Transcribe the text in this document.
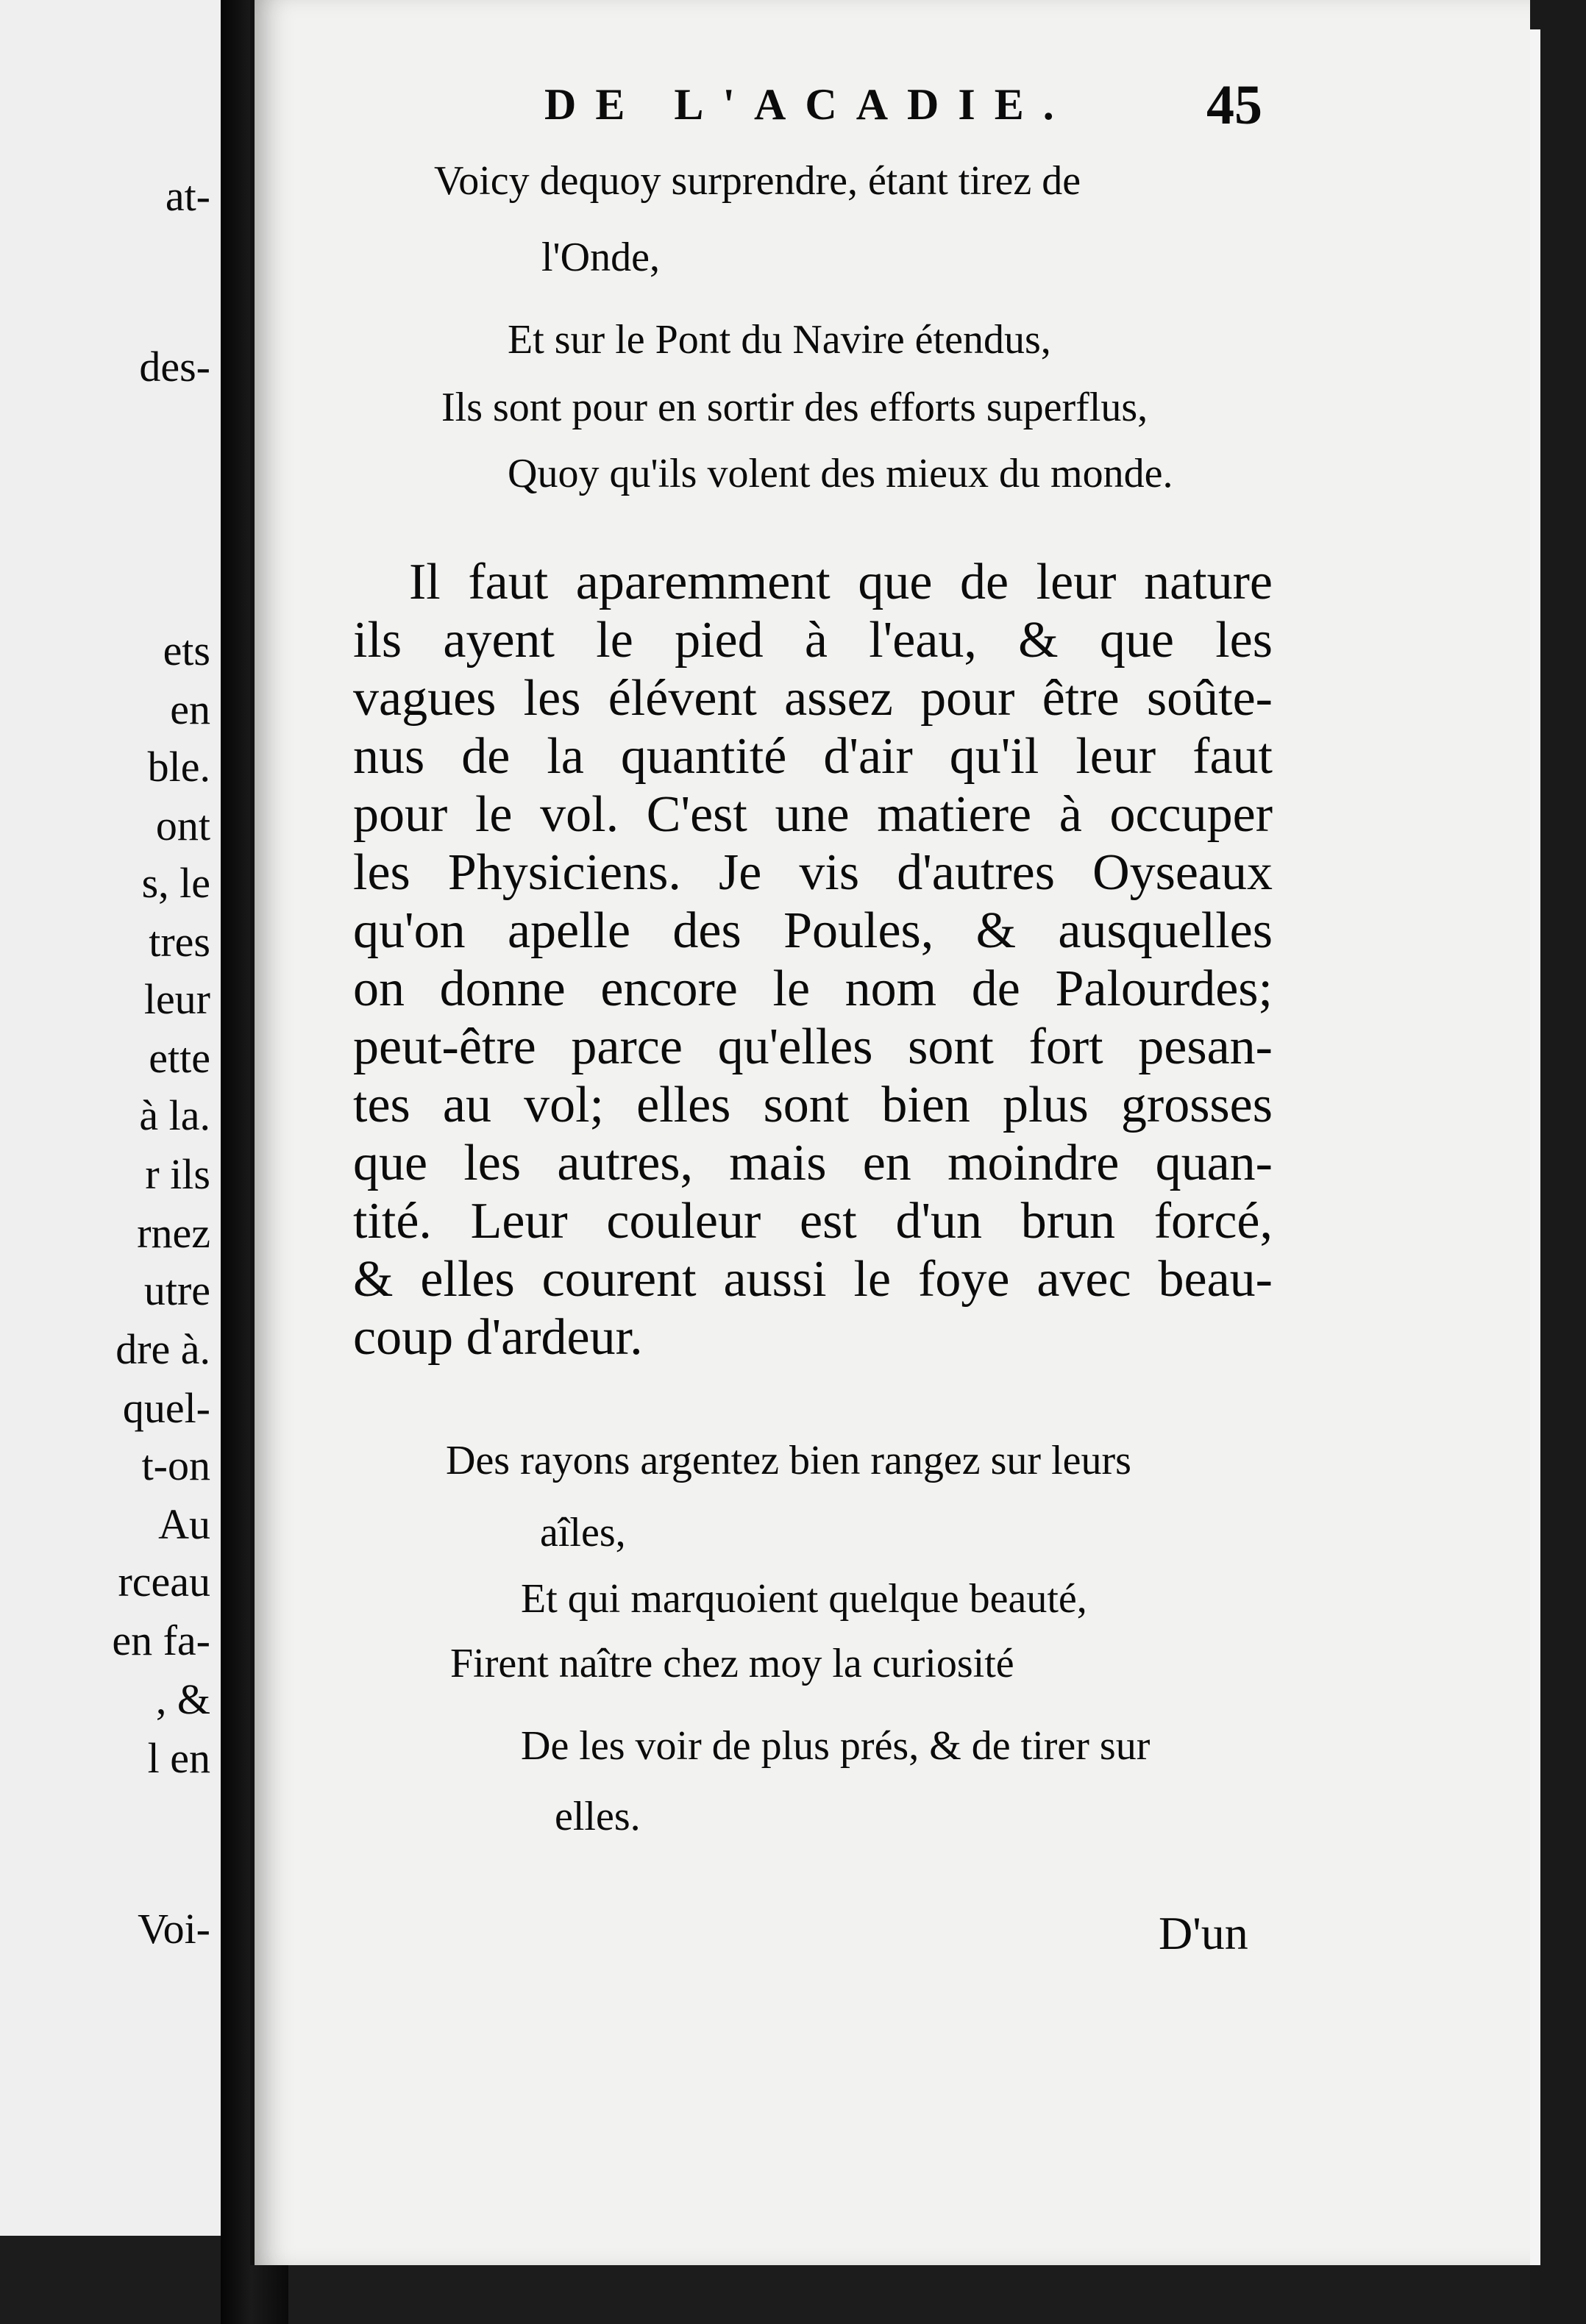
at-
des-
ets
en
ble.
ont
s, le
tres
leur
ette
à la.
r ils
rnez
utre
dre à.
quel-
t-on
Au
rceau
en fa-
, &
l en
Voi-
DE L'ACADIE. 45
Voicy dequoy surprendre, étant tirez de
l'Onde,
Et sur le Pont du Navire étendus,
Ils sont pour en sortir des efforts superflus,
Quoy qu'ils volent des mieux du monde.
Il faut aparemment que de leur nature
ils ayent le pied à l'eau, & que les
vagues les élévent assez pour être soûte-
nus de la quantité d'air qu'il leur faut
pour le vol. C'est une matiere à occuper
les Physiciens. Je vis d'autres Oyseaux
qu'on apelle des Poules, & ausquelles
on donne encore le nom de Palourdes;
peut-être parce qu'elles sont fort pesan-
tes au vol; elles sont bien plus grosses
que les autres, mais en moindre quan-
tité. Leur couleur est d'un brun forcé,
& elles courent aussi le foye avec beau-
coup d'ardeur.
Des rayons argentez bien rangez sur leurs
aîles,
Et qui marquoient quelque beauté,
Firent naître chez moy la curiosité
De les voir de plus prés, & de tirer sur
elles.
D'un
